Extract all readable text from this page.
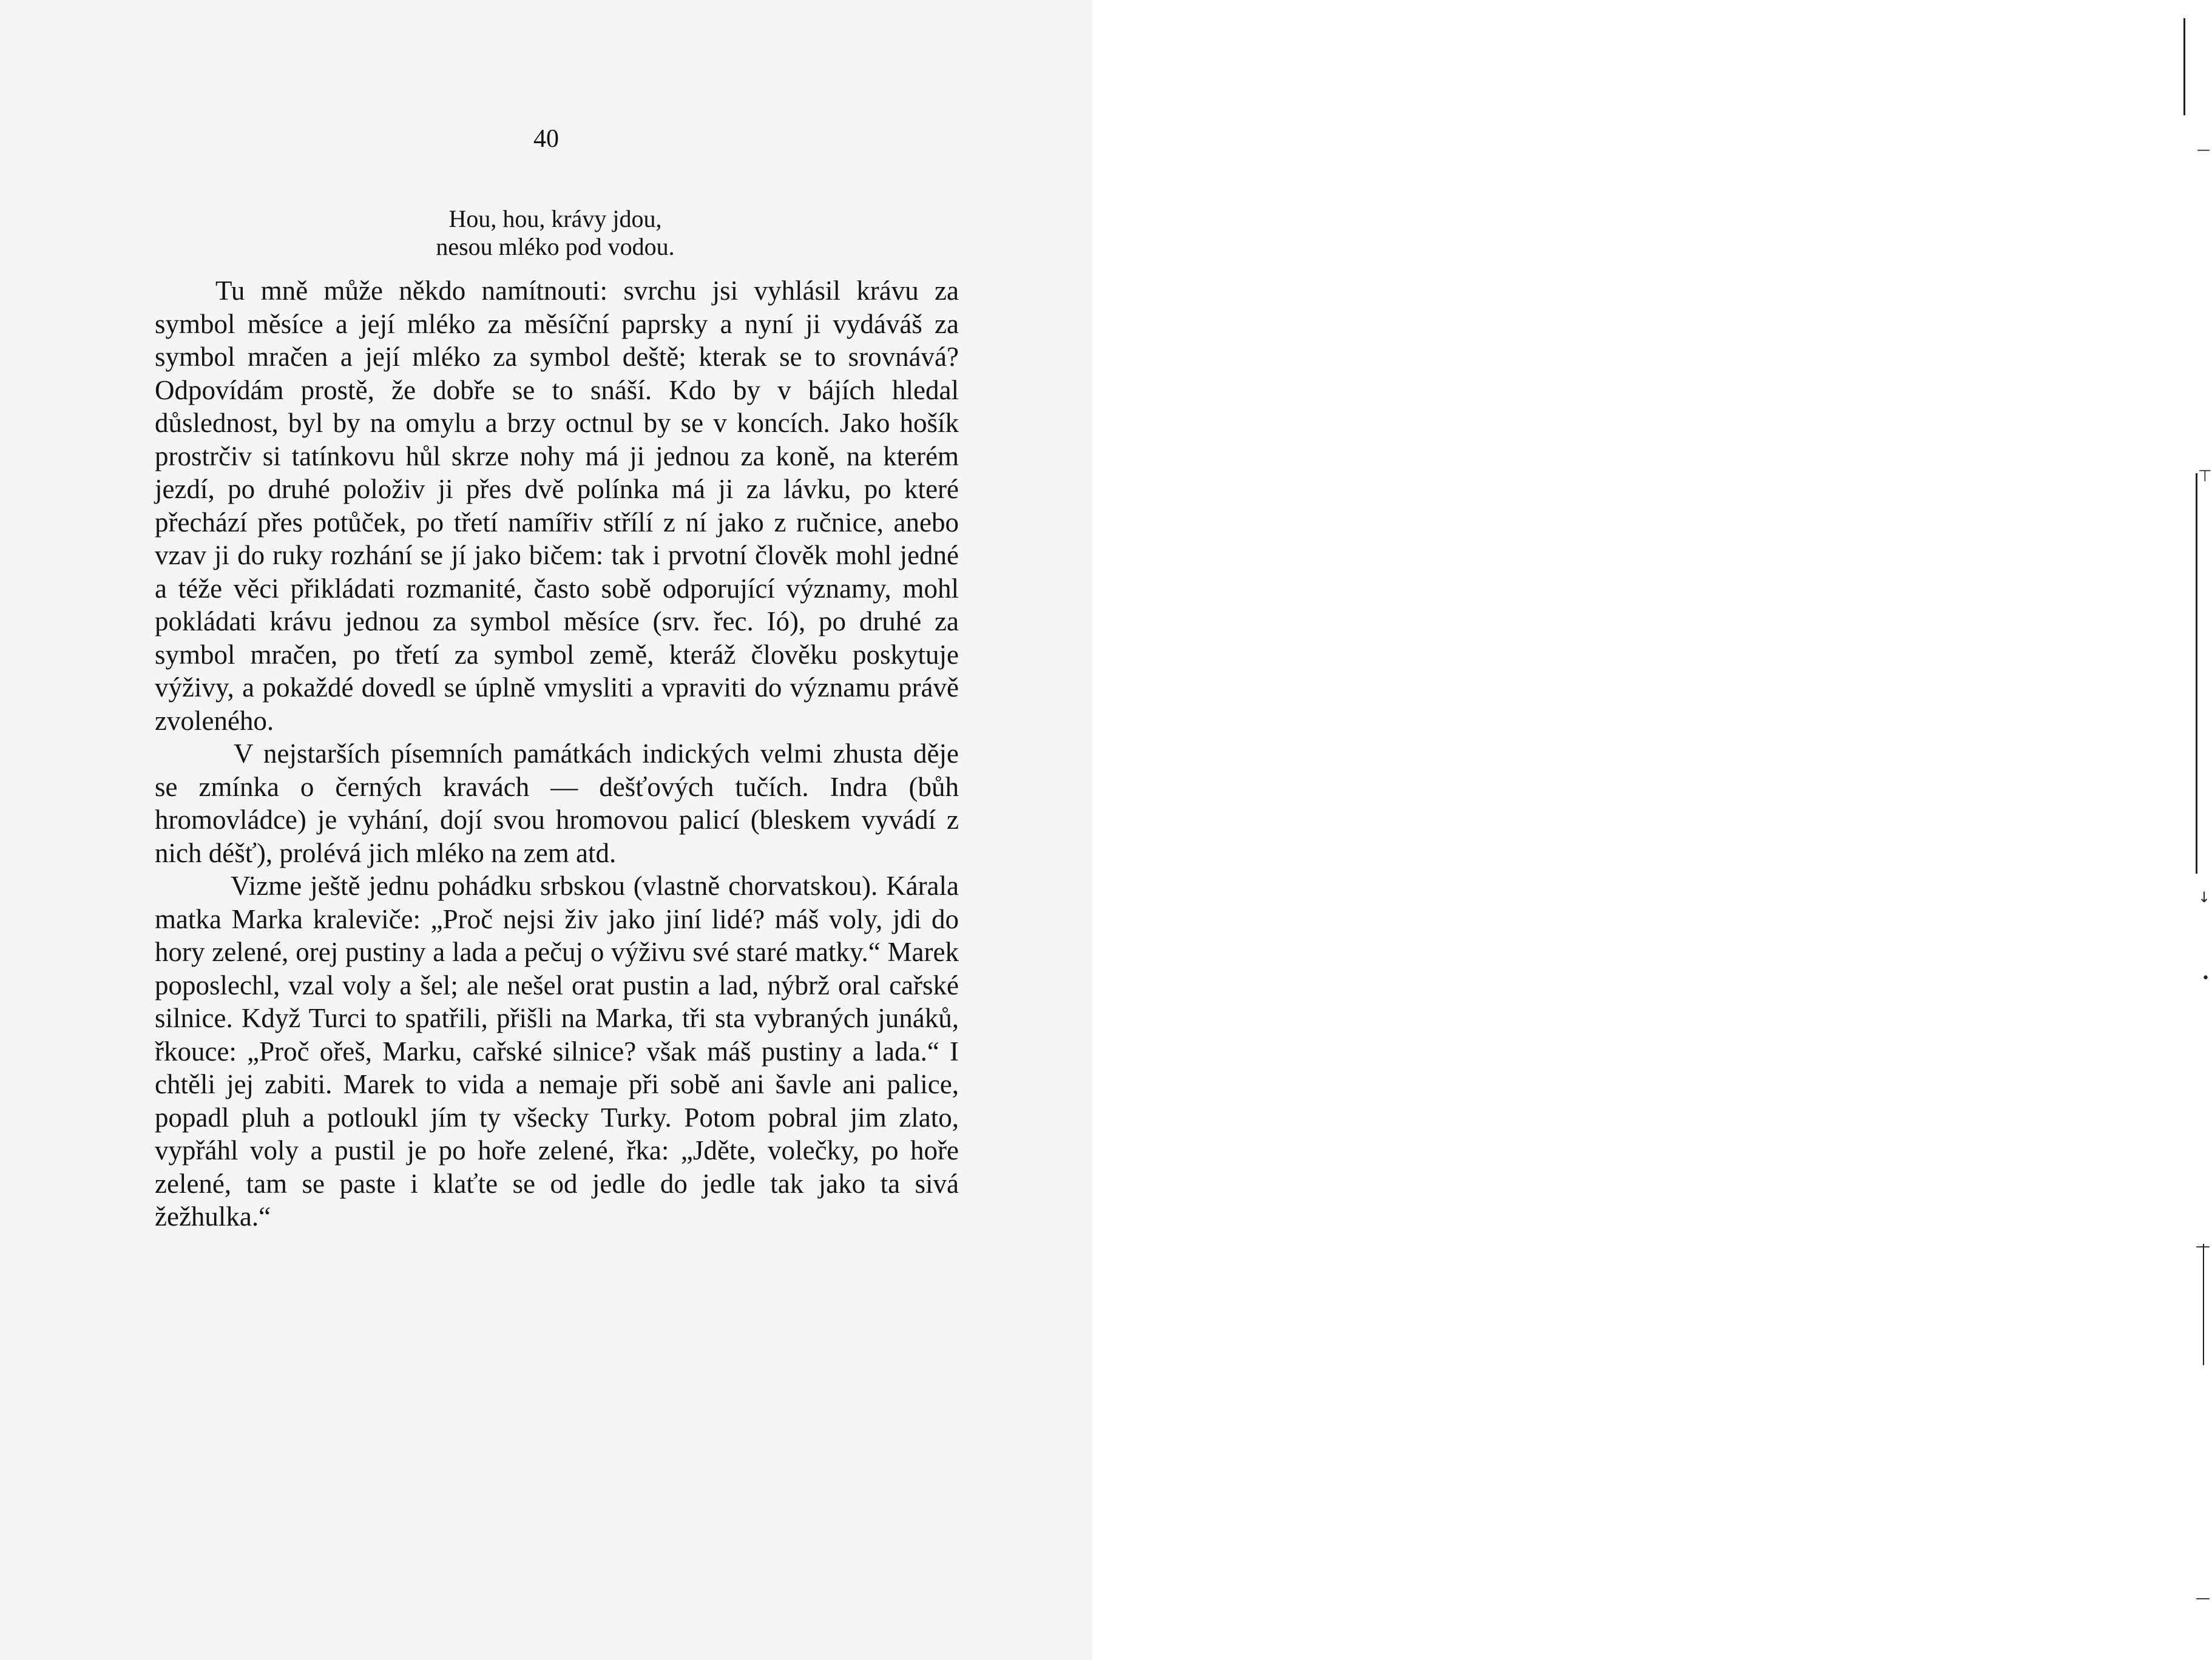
40
Hou, hou, krávy jdou,
nesou mléko pod vodou.

Tu mně může někdo namítnouti: svrchu jsi vyhlásil krávu za symbol měsíce a její mléko za měsíční paprsky a nyní ji vydáváš za symbol mračen a její mléko za symbol deště; kterak se to srovnává? Odpovídám prostě, že dobře se to snáší. Kdo by v bájích hledal důslednost, byl by na omylu a brzy octnul by se v koncích. Jako hošík prostrčiv si tatínkovu hůl skrze nohy má ji jednou za koně, na kterém jezdí, po druhé položiv ji přes dvě polínka má ji za lávku, po které přechází přes potůček, po třetí namířiv střílí z ní jako z ručnice, anebo vzav ji do ruky rozhání se jí jako bičem: tak i prvotní člověk mohl jedné a téže věci přikládati rozmanité, často sobě odporující významy, mohl pokládati krávu jednou za symbol měsíce (srv. řec. Ió), po druhé za symbol mračen, po třetí za symbol země, kteráž člověku poskytuje výživy, a pokaždé dovedl se úplně vmysliti a vpraviti do významu právě zvoleného.

V nejstarších písemních památkách indických velmi zhusta děje se zmínka o černých kravách — dešťových tučích. Indra (bůh hromovládce) je vyhání, dojí svou hromovou palicí (bleskem vyvádí z nich déšť), prolévá jich mléko na zem atd.

Vizme ještě jednu pohádku srbskou (vlastně chorvatskou). Kárala matka Marka kraleviče: „Proč nejsi živ jako jiní lidé? máš voly, jdi do hory zelené, orej pustiny a lada a pečuj o výživu své staré matky.“ Marek poposlechl, vzal voly a šel; ale nešel orat pustin a lad, nýbrž oral cařské silnice. Když Turci to spatřili, přišli na Marka, tři sta vybraných junáků, řkouce: „Proč ořeš, Marku, cařské silnice? však máš pustiny a lada.“ I chtěli jej zabiti. Marek to vida a nemaje při sobě ani šavle ani palice, popadl pluh a potloukl jím ty všecky Turky. Potom pobral jim zlato, vypřáhl voly a pustil je po hoře zelené, řka: „Jděte, volečky, po hoře zelené, tam se paste i klaťte se od jedle do jedle tak jako ta sivá žežhulka.“

—
⊤
↓
•
—
—
